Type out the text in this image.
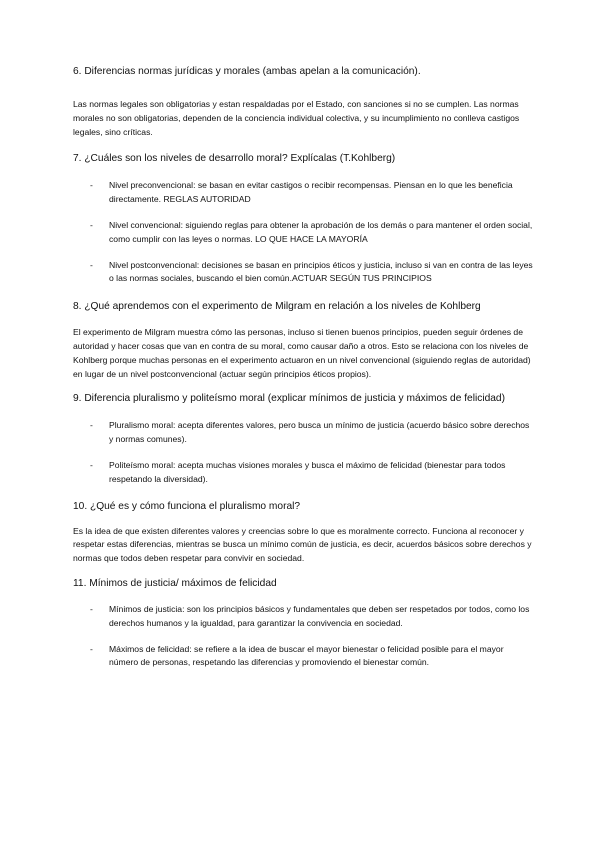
6. Diferencias normas jurídicas y morales (ambas apelan a la comunicación).

Las normas legales son obligatorias y estan respaldadas por el Estado, con sanciones si no se cumplen. Las normas morales no son obligatorias, dependen de la conciencia individual colectiva, y su incumplimiento no conlleva castigos legales, sino críticas.

7. ¿Cuáles son los niveles de desarrollo moral? Explícalas (T.Kohlberg)
- Nivel preconvencional: se basan en evitar castigos o recibir recompensas. Piensan en lo que les beneficia directamente. REGLAS AUTORIDAD
- Nivel convencional: siguiendo reglas para obtener la aprobación de los demás o para mantener el orden social, como cumplir con las leyes o normas. LO QUE HACE LA MAYORÍA
- Nivel postconvencional: decisiones se basan en principios éticos y justicia, incluso si van en contra de las leyes o las normas sociales, buscando el bien común.ACTUAR SEGÚN TUS PRINCIPIOS
8. ¿Qué aprendemos con el experimento de Milgram en relación a los niveles de Kohlberg

El experimento de Milgram muestra cómo las personas, incluso si tienen buenos principios, pueden seguir órdenes de autoridad y hacer cosas que van en contra de su moral, como causar daño a otros. Esto se relaciona con los niveles de Kohlberg porque muchas personas en el experimento actuaron en un nivel convencional (siguiendo reglas de autoridad) en lugar de un nivel postconvencional (actuar según principios éticos propios).

9. Diferencia pluralismo y politeísmo moral (explicar mínimos de justicia y máximos de felicidad)
- Pluralismo moral: acepta diferentes valores, pero busca un mínimo de justicia (acuerdo básico sobre derechos y normas comunes).
- Politeísmo moral: acepta muchas visiones morales y busca el máximo de felicidad (bienestar para todos respetando la diversidad).
10. ¿Qué es y cómo funciona el pluralismo moral?

Es la idea de que existen diferentes valores y creencias sobre lo que es moralmente correcto. Funciona al reconocer y respetar estas diferencias, mientras se busca un mínimo común de justicia, es decir, acuerdos básicos sobre derechos y normas que todos deben respetar para convivir en sociedad.

11. Mínimos de justicia/ máximos de felicidad
- Mínimos de justicia: son los principios básicos y fundamentales que deben ser respetados por todos, como los derechos humanos y la igualdad, para garantizar la convivencia en sociedad.
- Máximos de felicidad: se refiere a la idea de buscar el mayor bienestar o felicidad posible para el mayor número de personas, respetando las diferencias y promoviendo el bienestar común.
